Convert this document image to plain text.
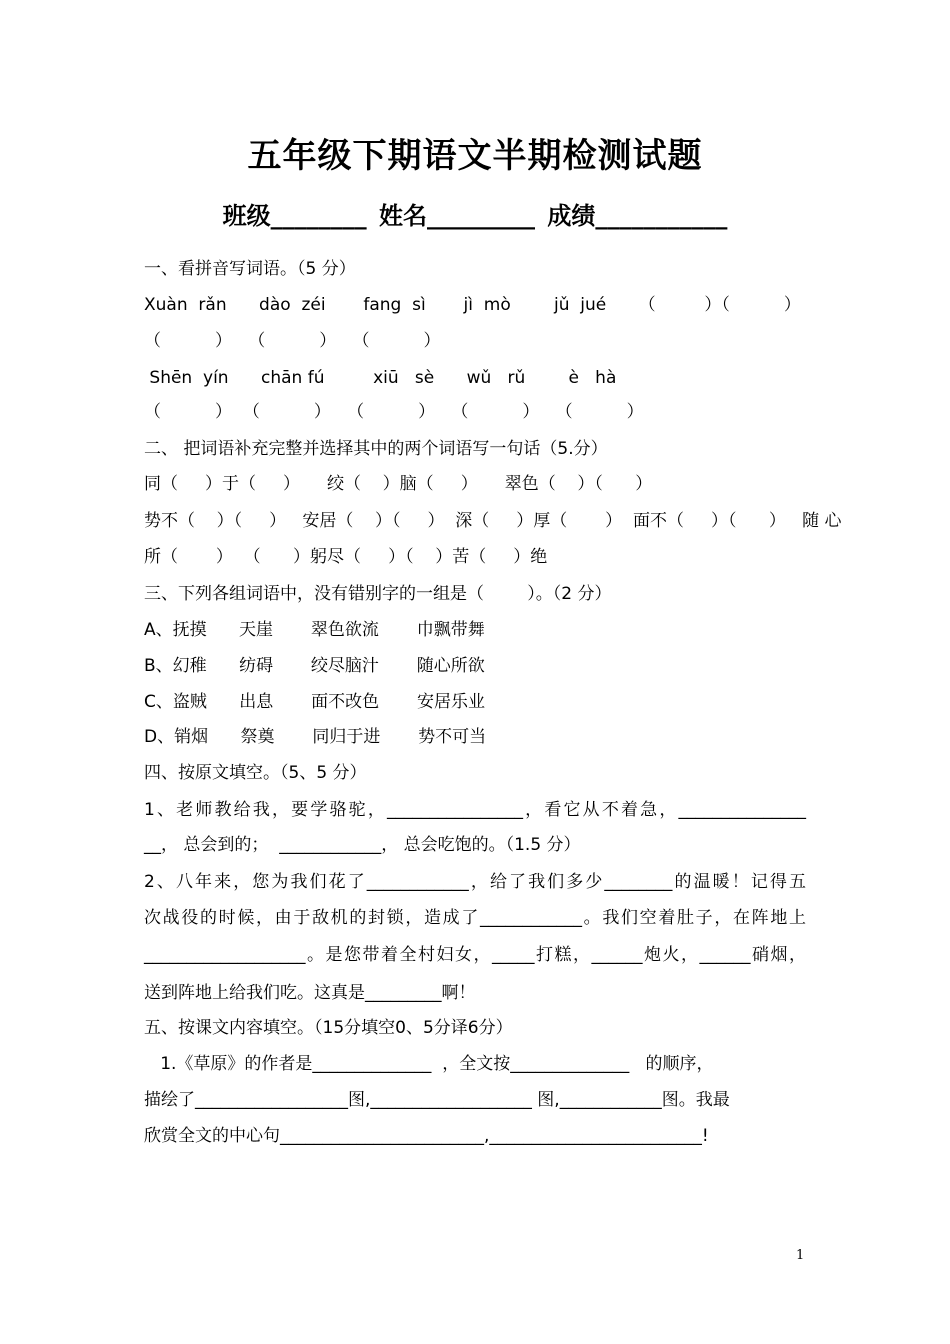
五年级下期语文半期检测试题
班级________ 姓名_________ 成绩___________
一、看拼音写词语。（5 分）
Xuàn  rǎn      dào  zéi       fang  sì       jì  mò        jǔ  jué      （         ）（          ）
（          ）   （          ）   （          ）
Shēn  yín      chān fú         xiū   sè      wǔ   rǔ        è   hà
（          ）  （          ）   （          ）   （          ）   （          ）
二、 把词语补充完整并选择其中的两个词语写一句话（5.分）
同（     ）于（     ）     绞（    ）脑（     ）     翠色（    ）（      ）
势不（    ）（     ）   安居（    ）（     ）  深（     ）厚（       ）  面不（     ）（      ）   随 心
所（       ）  （      ）躬尽（     ）（    ）苦（     ）绝
三、下列各组词语中，没有错别字的一组是（        ）。（2 分）
A、抚摸      天崖       翠色欲流       巾飘带舞
B、幻稚      纺碍       绞尽脑汁       随心所欲
C、盗贼      出息       面不改色       安居乐业
D、销烟      祭奠       同归于进       势不可当
四、按原文填空。（5、5 分）
1、老师教给我，要学骆驼，________________，看它从不着急，_______________
__， 总会到的；  ____________， 总会吃饱的。（1.5 分）
2、八年来，您为我们花了____________，给了我们多少________的温暖！记得五
次战役的时候，由于敌机的封锁，造成了____________。我们空着肚子，在阵地上
___________________。是您带着全村妇女，_____打糕，______炮火，______硝烟，
送到阵地上给我们吃。这真是_________啊！
五、按课文内容填空。（15分填空0、5分译6分）
1.《草原》的作者是______________  ，全文按______________   的顺序，
描绘了__________________图,___________________ 图,____________图。我最
欣赏全文的中心句________________________,_________________________!
1
